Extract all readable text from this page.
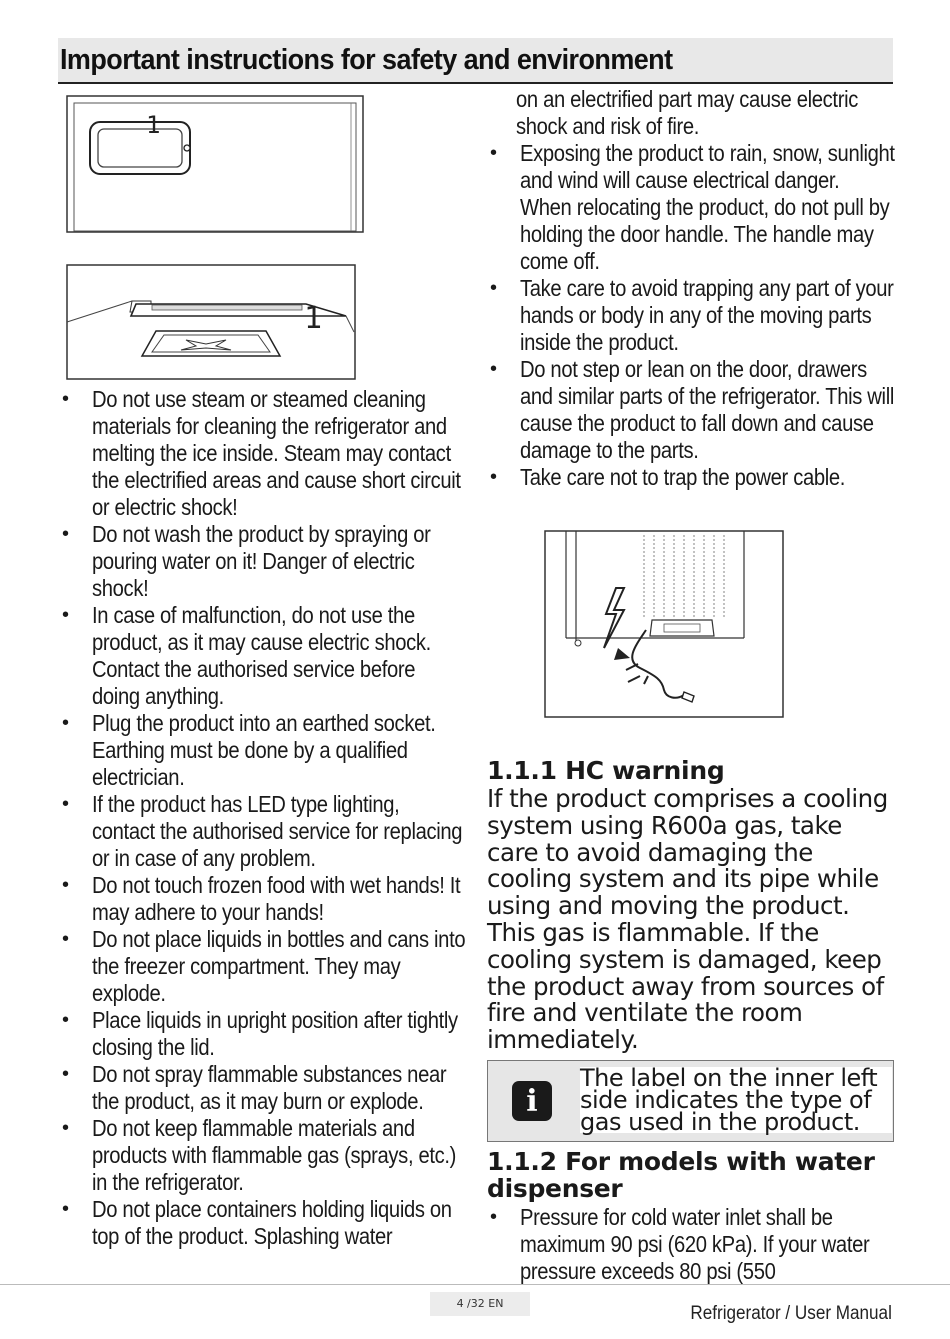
Important instructions for safety and environment
1
1
• Do not use steam or steamed cleaning materials for cleaning the refrigerator and melting the ice inside. Steam may contact the electrified areas and cause short circuit or electric shock!
• Do not wash the product by spraying or pouring water on it! Danger of electric shock!
• In case of malfunction, do not use the product, as it may cause electric shock. Contact the authorised service before doing anything.
• Plug the product into an earthed socket. Earthing must be done by a qualified electrician.
• If the product has LED type lighting, contact the authorised service for replacing or in case of any problem.
• Do not touch frozen food with wet hands! It may adhere to your hands!
• Do not place liquids in bottles and cans into the freezer compartment. They may explode.
• Place liquids in upright position after tightly closing the lid.
• Do not spray flammable substances near the product, as it may burn or explode.
• Do not keep flammable materials and products with flammable gas (sprays, etc.) in the refrigerator.
• Do not place containers holding liquids on top of the product. Splashing water
on an electrified part may cause electric shock and risk of fire.
• Exposing the product to rain, snow, sunlight and wind will cause electrical danger. When relocating the product, do not pull by holding the door handle. The handle may come off.
• Take care to avoid trapping any part of your hands or body in any of the moving parts inside the product.
• Do not step or lean on the door, drawers and similar parts of the refrigerator. This will cause the product to fall down and cause damage to the parts.
• Take care not to trap the power cable.
1.1.1 HC warning
If the product comprises a cooling system using R600a gas, take care to avoid damaging the cooling system and its pipe while using and moving the product. This gas is flammable. If the cooling system is damaged, keep the product away from sources of fire and ventilate the room immediately.
i
The label on the inner left side indicates the type of gas used in the product.
1.1.2 For models with water dispenser
• Pressure for cold water inlet shall be maximum 90 psi (620 kPa). If your water pressure exceeds 80 psi (550
4 /32 EN	Refrigerator / User Manual
